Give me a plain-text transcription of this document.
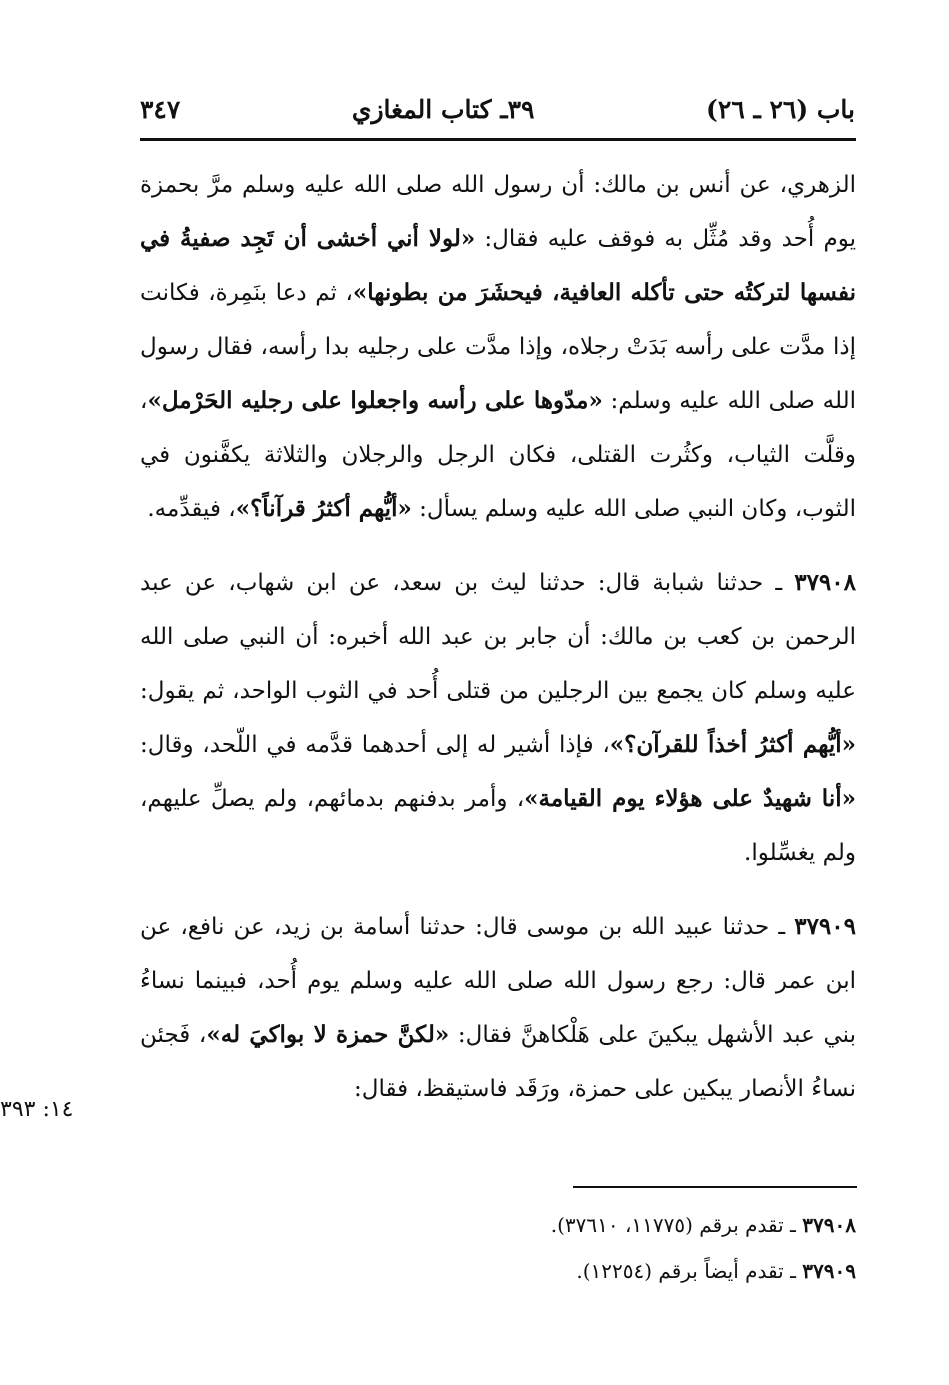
باب (٢٦ ـ ٢٦)
٣٩ـ كتاب المغازي
٣٤٧

الزهري، عن أنس بن مالك: أن رسول الله صلى الله عليه وسلم مرَّ بحمزة يوم أُحد وقد مُثِّل به فوقف عليه فقال: «لولا أني أخشى أن تَجِد صفيةُ في نفسها لتركتُه حتى تأكله العافية، فيحشَرَ من بطونها»، ثم دعا بنَمِرة، فكانت إذا مدَّت على رأسه بَدَتْ رجلاه، وإذا مدَّت على رجليه بدا رأسه، فقال رسول الله صلى الله عليه وسلم: «مدّوها على رأسه واجعلوا على رجليه الحَرْمل»، وقلَّت الثياب، وكثُرت القتلى، فكان الرجل والرجلان والثلاثة يكفَّنون في الثوب، وكان النبي صلى الله عليه وسلم يسأل: «أيُّهم أكثرُ قرآناً؟»، فيقدِّمه.

٣٧٩٠٨ ـ حدثنا شبابة قال: حدثنا ليث بن سعد، عن ابن شهاب، عن عبد الرحمن بن كعب بن مالك: أن جابر بن عبد الله أخبره: أن النبي صلى الله عليه وسلم كان يجمع بين الرجلين من قتلى أُحد في الثوب الواحد، ثم يقول: «أيُّهم أكثرُ أخذاً للقرآن؟»، فإذا أشير له إلى أحدهما قدَّمه في اللّحد، وقال: «أنا شهيدٌ على هؤلاء يوم القيامة»، وأمر بدفنهم بدمائهم، ولم يصلِّ عليهم، ولم يغسِّلوا.

٣٧٩٠٩ ـ حدثنا عبيد الله بن موسى قال: حدثنا أسامة بن زيد، عن نافع، عن ابن عمر قال: رجع رسول الله صلى الله عليه وسلم يوم أُحد، فبينما نساءُ بني عبد الأشهل يبكينَ على هَلْكاهنَّ فقال: «لكنَّ حمزة لا بواكيَ له»، فَجئن نساءُ الأنصار يبكين على حمزة، ورَقَد فاستيقظ، فقال:

١٤: ٣٩٣

٣٧٩٠٨ ـ تقدم برقم (١١٧٧٥، ٣٧٦١٠).

٣٧٩٠٩ ـ تقدم أيضاً برقم (١٢٢٥٤).
